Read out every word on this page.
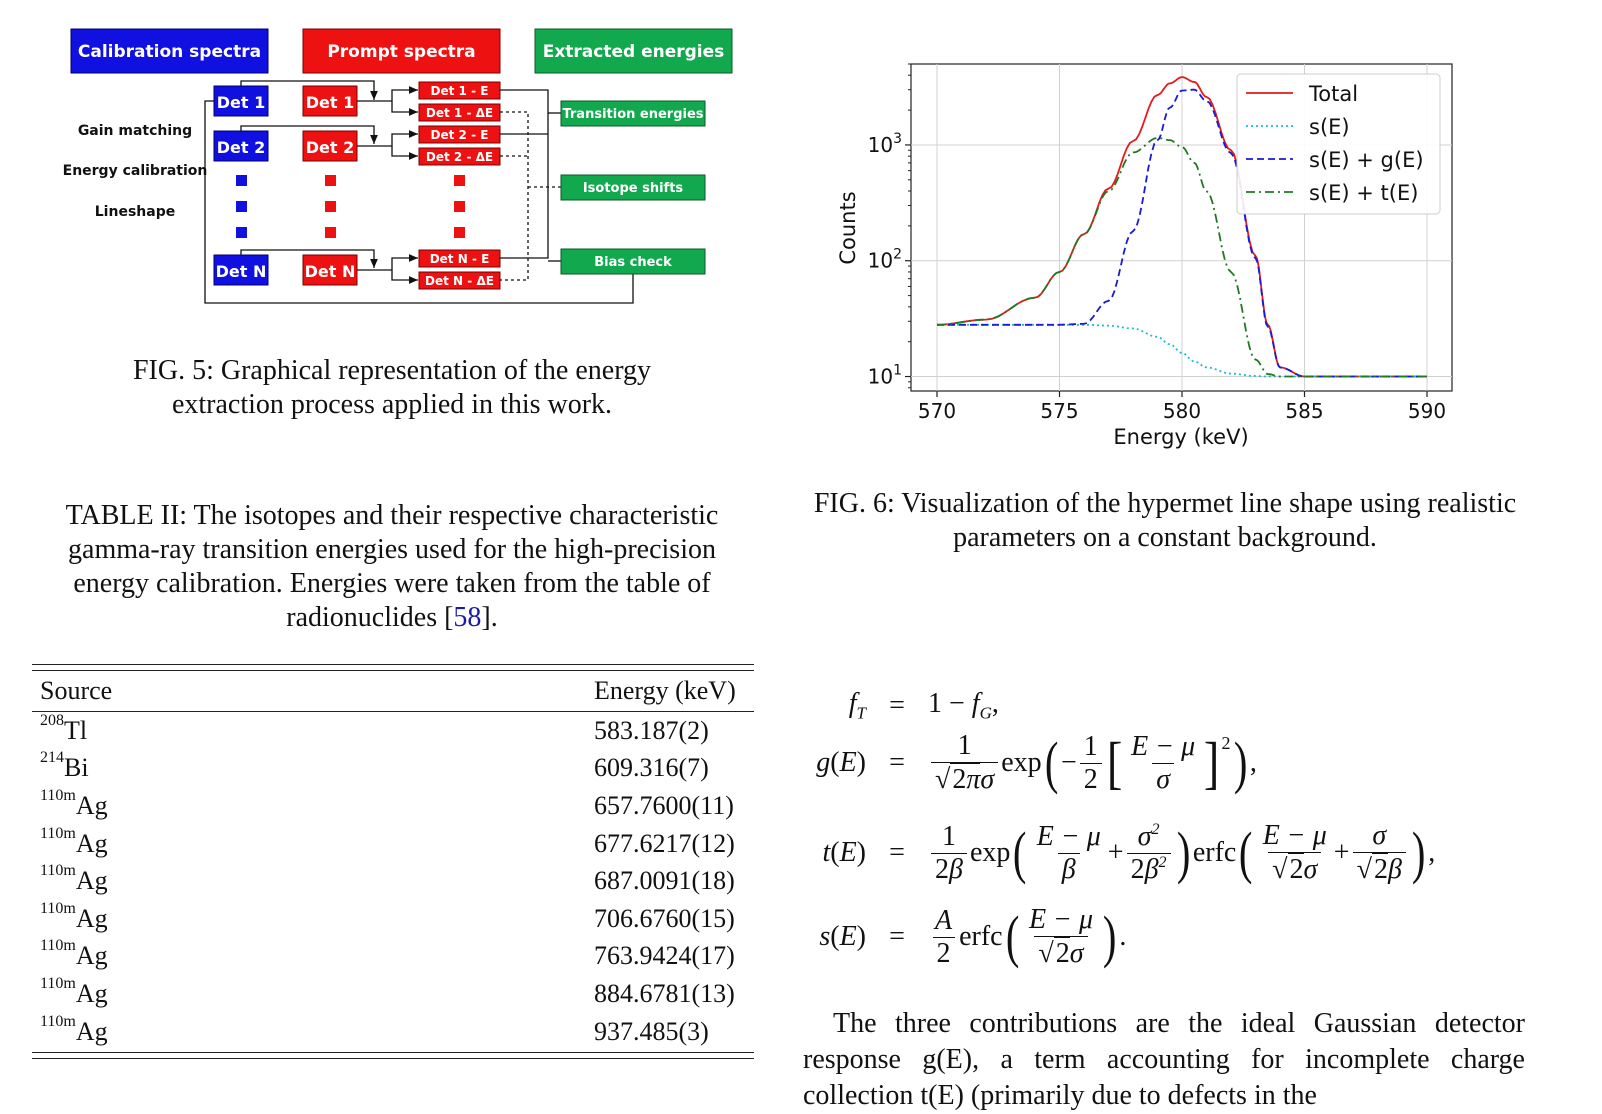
Calibration spectra	Prompt spectra	Extracted energies
Gain matching
Energy calibration
Lineshape
Det 1	Det 1
Det 1 - E
Det 1 - ΔE
Det 2	Det 2
Det 2 - E
Det 2 - ΔE
Det N Det N
Det N - E
Det N - ΔE
Transition energies
Isotope shifts
Bias check
FIG. 5: Graphical representation of the energy extraction process applied in this work.	570	575	580	585	590
$10^1$
$10^2$
$10^3$
Energy (keV)
Counts
Total
s(E)
s(E) + g(E)
s(E) + t(E)
FIG. 6: Visualization of the hypermet line shape using realistic parameters on a constant background.
TABLE II: The isotopes and their respective characteristic gamma-ray transition energies used for the high-precision energy calibration. Energies were taken from the table of radionuclides [58].
Source	Energy (keV)
$^{208}$Tl	583.187(2)
$^{214}$Bi	609.316(7)
$^{110m}$Ag	657.7600(11)
$^{110m}$Ag	677.6217(12)
$^{110m}$Ag	687.0091(18)
$^{110m}$Ag	706.6760(15)
$^{110m}$Ag	763.9424(17)
$^{110m}$Ag	884.6781(13)
$^{110m}$Ag	937.485(3)
$f_T = 1 - f_G$,
$g(E) = \frac{1}{√2\pi\sigma}$ exp ( − $\frac{1}{2}$ [ $\frac{E - \mu}{\sigma} ]^2$ ) ,
$t(E) = \frac{1}{2\beta}$ exp ( $\frac{E - \mu}{\beta} + \frac{\sigma^2}{2\beta^2}$ ) erfc ( $\frac{E - \mu}{√2\sigma} + \frac{\sigma}{√2\beta}$ ) ,
$s(E) = \frac{A}{2}$ erfc ( $\frac{E - \mu}{√2\sigma}$ ) .
The three contributions are the ideal Gaussian detector response g(E), a term accounting for incomplete charge collection t(E) (primarily due to defects in the
